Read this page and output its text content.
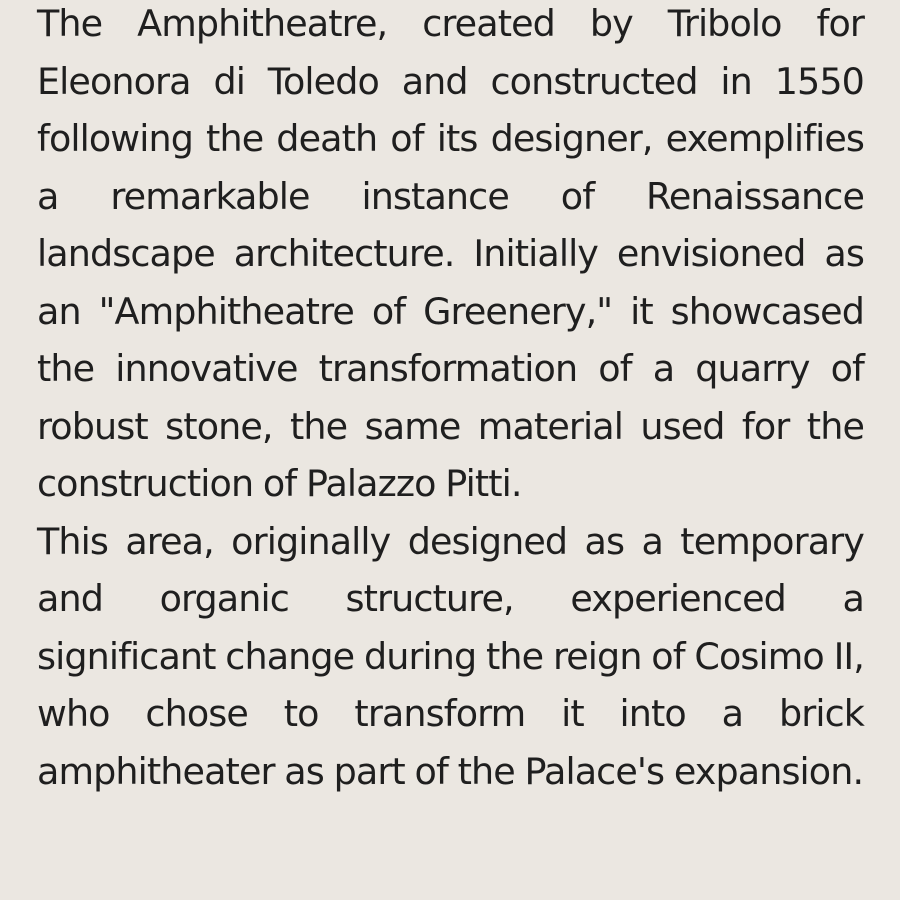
The Amphitheatre, created by Tribolo for Eleonora di Toledo and constructed in 1550 following the death of its designer, exemplifies a remarkable instance of Renaissance landscape architecture. Initially envisioned as an "Amphitheatre of Greenery," it showcased the innovative transformation of a quarry of robust stone, the same material used for the construction of Palazzo Pitti.

This area, originally designed as a temporary and organic structure, experienced a significant change during the reign of Cosimo II, who chose to transform it into a brick amphitheater as part of the Palace's expansion.
